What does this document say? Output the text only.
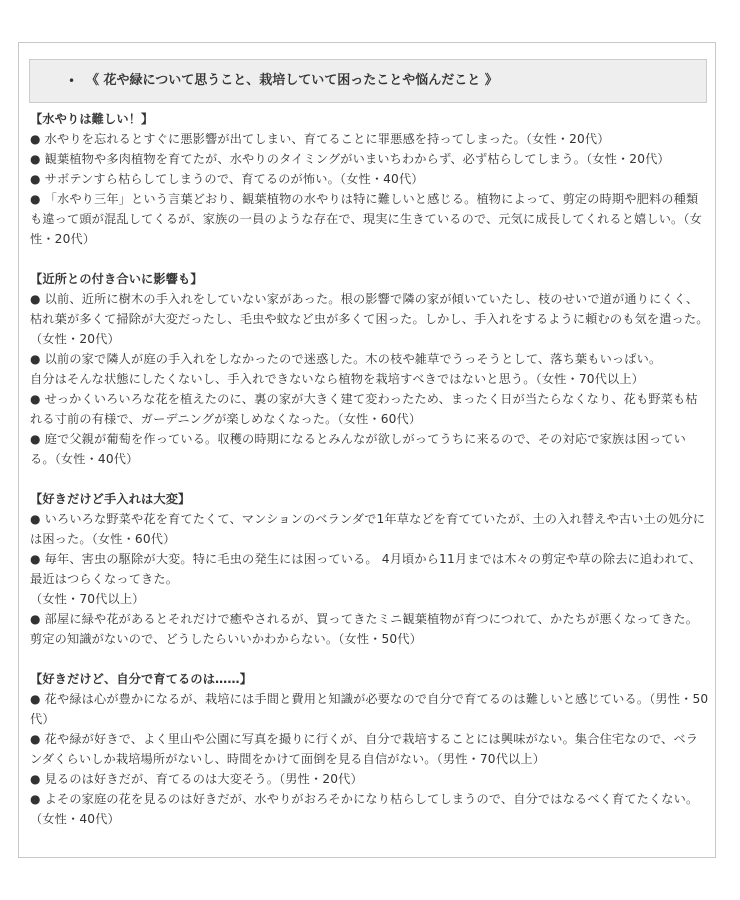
• 《 花や緑について思うこと、栽培していて困ったことや悩んだこと 》
【水やりは難しい！】
● 水やりを忘れるとすぐに悪影響が出てしまい、育てることに罪悪感を持ってしまった。（女性・20代）
● 観葉植物や多肉植物を育てたが、水やりのタイミングがいまいちわからず、必ず枯らしてしまう。（女性・20代）
● サボテンすら枯らしてしまうので、育てるのが怖い。（女性・40代）
● 「水やり三年」という言葉どおり、観葉植物の水やりは特に難しいと感じる。植物によって、剪定の時期や肥料の種類も違って頭が混乱してくるが、家族の一員のような存在で、現実に生きているので、元気に成長してくれると嬉しい。（女性・20代）
【近所との付き合いに影響も】
● 以前、近所に樹木の手入れをしていない家があった。根の影響で隣の家が傾いていたし、枝のせいで道が通りにくく、枯れ葉が多くて掃除が大変だったし、毛虫や蚊など虫が多くて困った。しかし、手入れをするように頼むのも気を遣った。（女性・20代）
● 以前の家で隣人が庭の手入れをしなかったので迷惑した。木の枝や雑草でうっそうとして、落ち葉もいっぱい。
自分はそんな状態にしたくないし、手入れできないなら植物を栽培すべきではないと思う。（女性・70代以上）
● せっかくいろいろな花を植えたのに、裏の家が大きく建て変わったため、まったく日が当たらなくなり、花も野菜も枯れる寸前の有様で、ガーデニングが楽しめなくなった。（女性・60代）
● 庭で父親が葡萄を作っている。収穫の時期になるとみんなが欲しがってうちに来るので、その対応で家族は困っている。（女性・40代）
【好きだけど手入れは大変】
● いろいろな野菜や花を育てたくて、マンションのベランダで1年草などを育てていたが、土の入れ替えや古い土の処分には困った。（女性・60代）
● 毎年、害虫の駆除が大変。特に毛虫の発生には困っている。 4月頃から11月までは木々の剪定や草の除去に追われて、最近はつらくなってきた。
（女性・70代以上）
● 部屋に緑や花があるとそれだけで癒やされるが、買ってきたミニ観葉植物が育つにつれて、かたちが悪くなってきた。剪定の知識がないので、どうしたらいいかわからない。（女性・50代）
【好きだけど、自分で育てるのは……】
● 花や緑は心が豊かになるが、栽培には手間と費用と知識が必要なので自分で育てるのは難しいと感じている。（男性・50代）
● 花や緑が好きで、よく里山や公園に写真を撮りに行くが、自分で栽培することには興味がない。集合住宅なので、ベランダくらいしか栽培場所がないし、時間をかけて面倒を見る自信がない。（男性・70代以上）
● 見るのは好きだが、育てるのは大変そう。（男性・20代）
● よその家庭の花を見るのは好きだが、水やりがおろそかになり枯らしてしまうので、自分ではなるべく育てたくない。（女性・40代）
